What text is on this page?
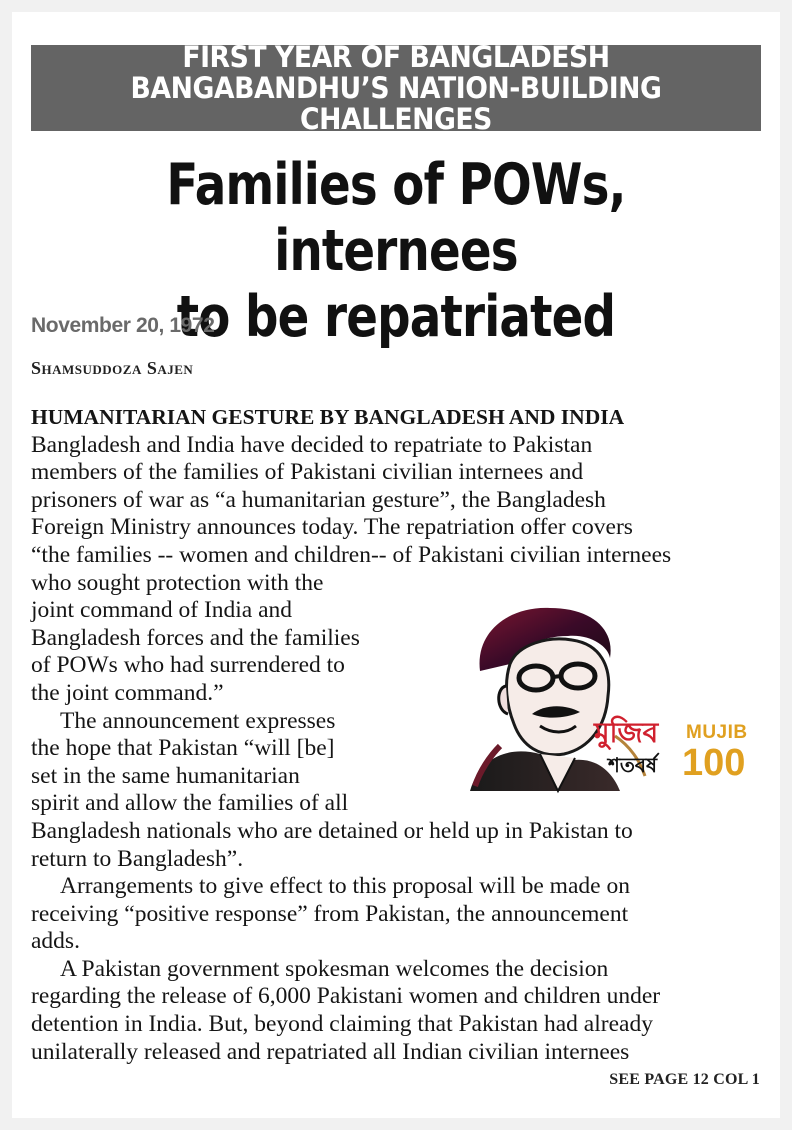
FIRST YEAR OF BANGLADESH
BANGABANDHU’S NATION-BUILDING CHALLENGES
Families of POWs, internees
to be repatriated
November 20, 1972
Shamsuddoza Sajen
HUMANITARIAN GESTURE BY BANGLADESH AND INDIA
Bangladesh and India have decided to repatriate to Pakistan
members of the families of Pakistani civilian internees and
prisoners of war as “a humanitarian gesture”, the Bangladesh
Foreign Ministry announces today. The repatriation offer covers
“the families -- women and children-- of Pakistani civilian internees
who sought protection with the
joint command of India and
Bangladesh forces and the families
of POWs who had surrendered to
the joint command.”
The announcement expresses
the hope that Pakistan “will [be]
set in the same humanitarian
spirit and allow the families of all
Bangladesh nationals who are detained or held up in Pakistan to
return to Bangladesh”.
Arrangements to give effect to this proposal will be made on
receiving “positive response” from Pakistan, the announcement
adds.
A Pakistan government spokesman welcomes the decision
regarding the release of 6,000 Pakistani women and children under
detention in India. But, beyond claiming that Pakistan had already
unilaterally released and repatriated all Indian civilian internees
মুজিব
শতবর্ষ
MUJIB
100
SEE PAGE 12 COL 1
